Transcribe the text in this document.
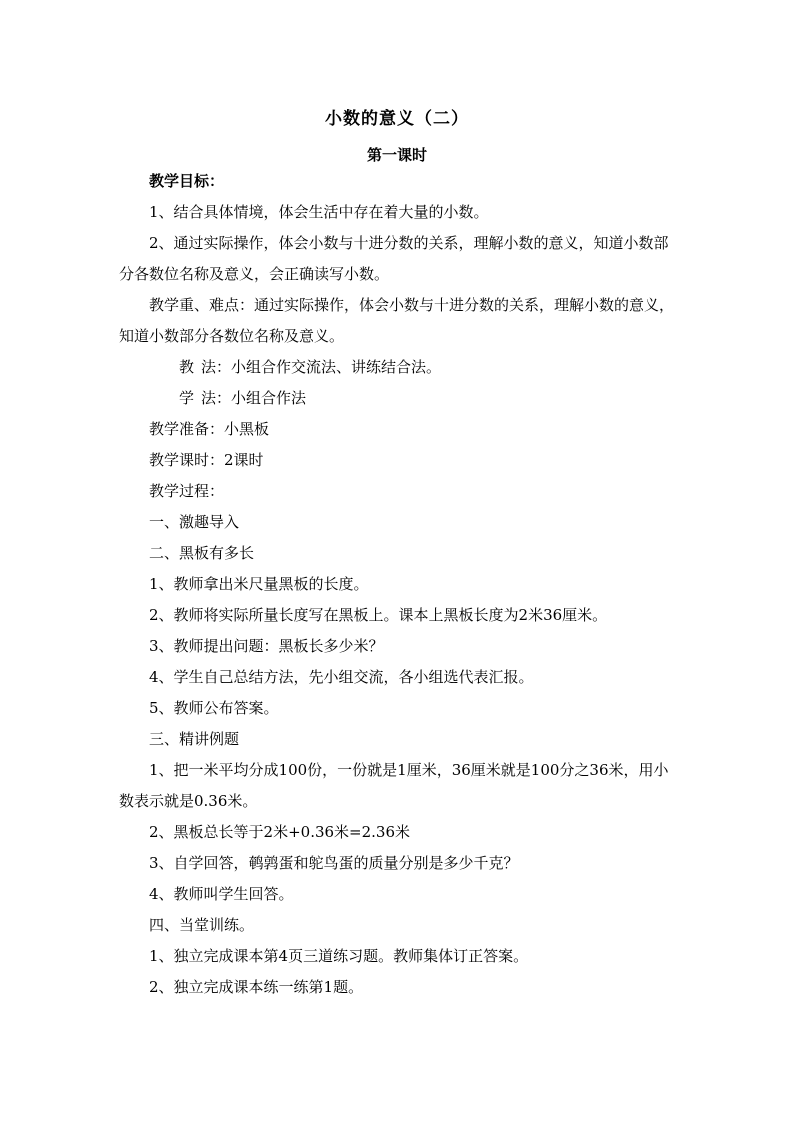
小数的意义（二）
第一课时

教学目标：

1、结合具体情境，体会生活中存在着大量的小数。

2、通过实际操作，体会小数与十进分数的关系，理解小数的意义，知道小数部分各数位名称及意义，会正确读写小数。

教学重、难点：通过实际操作，体会小数与十进分数的关系，理解小数的意义，知道小数部分各数位名称及意义。

教 法：小组合作交流法、讲练结合法。

学 法：小组合作法

教学准备：小黑板

教学课时：2课时

教学过程：

一、激趣导入

二、黑板有多长

1、教师拿出米尺量黑板的长度。

2、教师将实际所量长度写在黑板上。课本上黑板长度为2米36厘米。

3、教师提出问题：黑板长多少米？

4、学生自己总结方法，先小组交流，各小组选代表汇报。

5、教师公布答案。

三、精讲例题

1、把一米平均分成100份，一份就是1厘米，36厘米就是100分之36米，用小数表示就是0.36米。

2、黑板总长等于2米+0.36米=2.36米

3、自学回答，鹌鹑蛋和鸵鸟蛋的质量分别是多少千克？

4、教师叫学生回答。

四、当堂训练。

1、独立完成课本第4页三道练习题。教师集体订正答案。

2、独立完成课本练一练第1题。
